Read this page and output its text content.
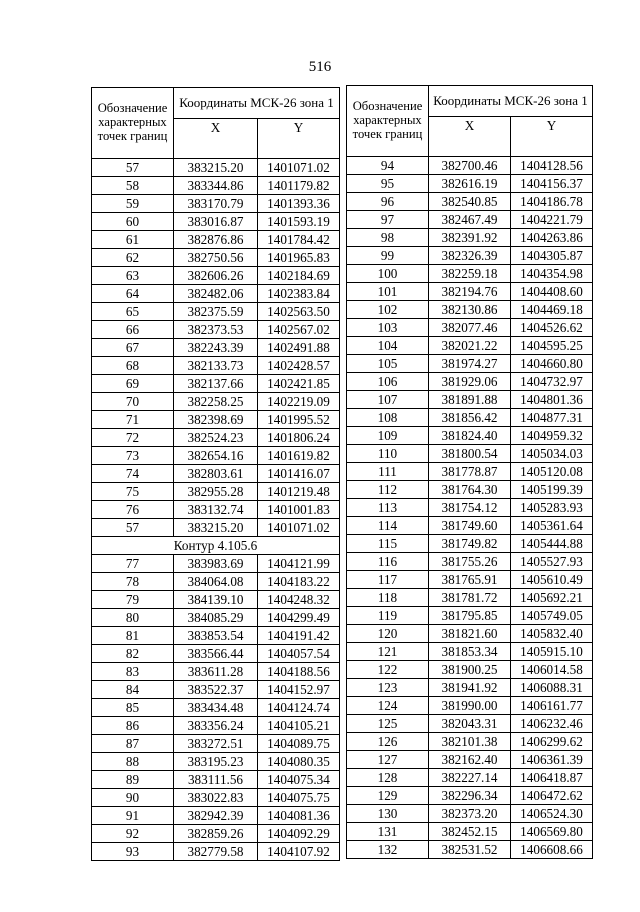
516
Обозначение характерных точек границ	Координаты МСК-26 зона 1	
	X	Y
57	383215.20	1401071.02
58	383344.86	1401179.82
59	383170.79	1401393.36
60	383016.87	1401593.19
61	382876.86	1401784.42
62	382750.56	1401965.83
63	382606.26	1402184.69
64	382482.06	1402383.84
65	382375.59	1402563.50
66	382373.53	1402567.02
67	382243.39	1402491.88
68	382133.73	1402428.57
69	382137.66	1402421.85
70	382258.25	1402219.09
71	382398.69	1401995.52
72	382524.23	1401806.24
73	382654.16	1401619.82
74	382803.61	1401416.07
75	382955.28	1401219.48
76	383132.74	1401001.83
57	383215.20	1401071.02
Контур 4.105.6		
77	383983.69	1404121.99
78	384064.08	1404183.22
79	384139.10	1404248.32
80	384085.29	1404299.49
81	383853.54	1404191.42
82	383566.44	1404057.54
83	383611.28	1404188.56
84	383522.37	1404152.97
85	383434.48	1404124.74
86	383356.24	1404105.21
87	383272.51	1404089.75
88	383195.23	1404080.35
89	383111.56	1404075.34
90	383022.83	1404075.75
91	382942.39	1404081.36
92	382859.26	1404092.29
93	382779.58	1404107.92
Обозначение характерных точек границ	Координаты МСК-26 зона 1	
	X	Y
94	382700.46	1404128.56
95	382616.19	1404156.37
96	382540.85	1404186.78
97	382467.49	1404221.79
98	382391.92	1404263.86
99	382326.39	1404305.87
100	382259.18	1404354.98
101	382194.76	1404408.60
102	382130.86	1404469.18
103	382077.46	1404526.62
104	382021.22	1404595.25
105	381974.27	1404660.80
106	381929.06	1404732.97
107	381891.88	1404801.36
108	381856.42	1404877.31
109	381824.40	1404959.32
110	381800.54	1405034.03
111	381778.87	1405120.08
112	381764.30	1405199.39
113	381754.12	1405283.93
114	381749.60	1405361.64
115	381749.82	1405444.88
116	381755.26	1405527.93
117	381765.91	1405610.49
118	381781.72	1405692.21
119	381795.85	1405749.05
120	381821.60	1405832.40
121	381853.34	1405915.10
122	381900.25	1406014.58
123	381941.92	1406088.31
124	381990.00	1406161.77
125	382043.31	1406232.46
126	382101.38	1406299.62
127	382162.40	1406361.39
128	382227.14	1406418.87
129	382296.34	1406472.62
130	382373.20	1406524.30
131	382452.15	1406569.80
132	382531.52	1406608.66
